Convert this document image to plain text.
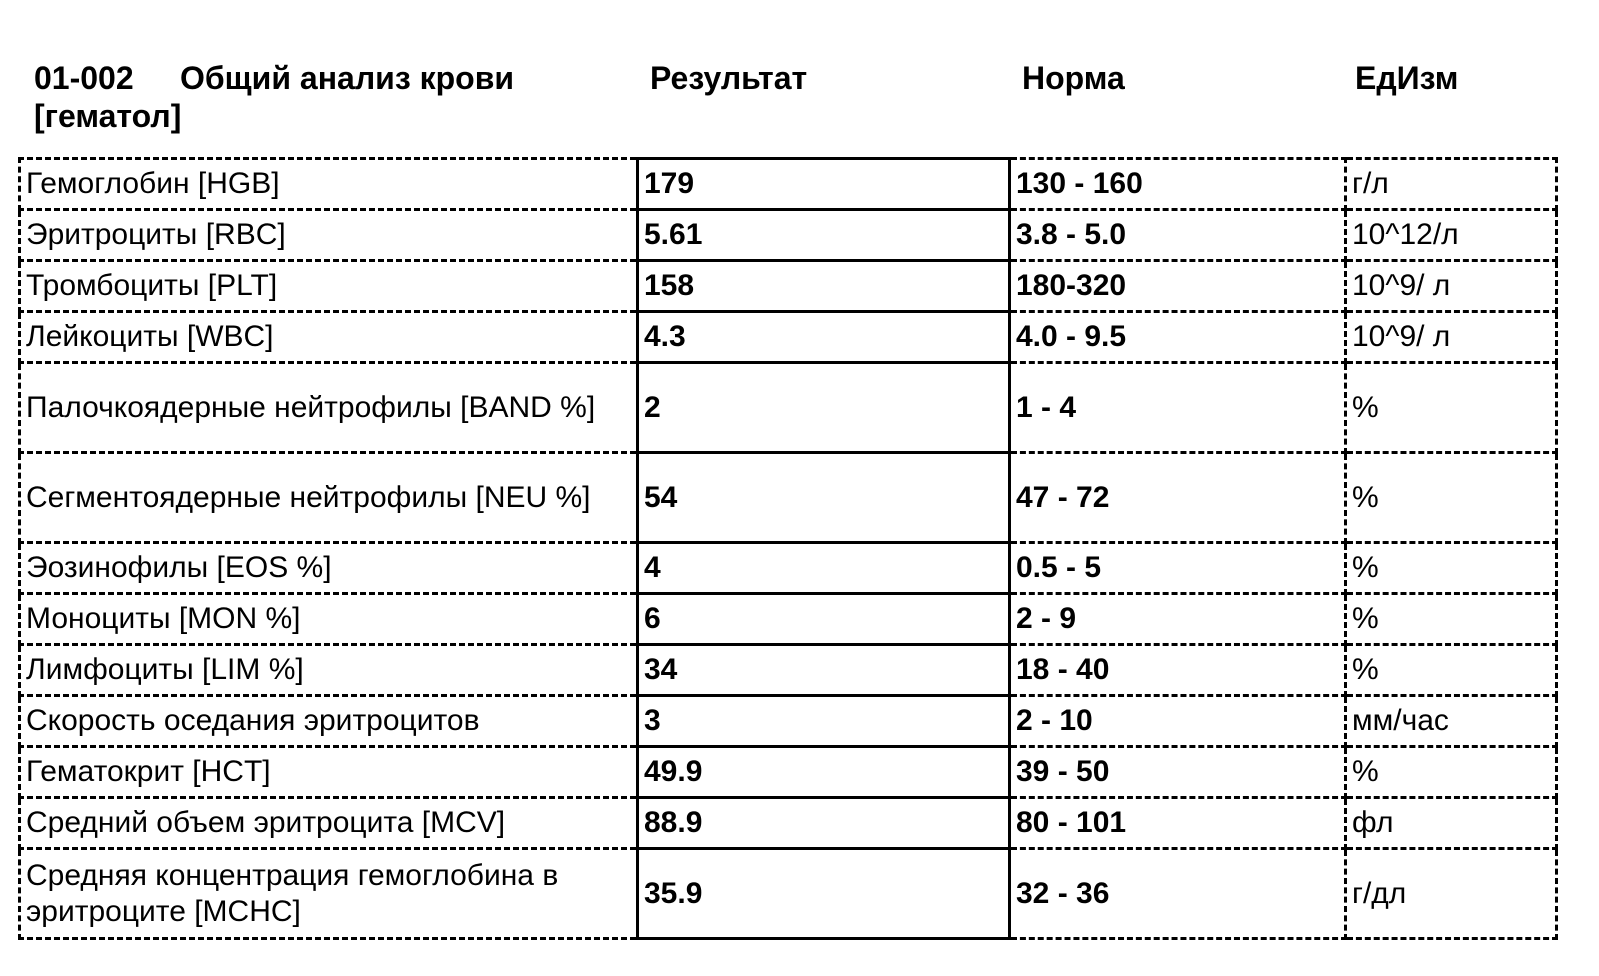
01-002 Общий анализ крови
[гематол]
Результат	Норма	ЕдИзм
Гемоглобин [HGB]	179	130 - 160	г/л
Эритроциты [RBC]	5.61	3.8 - 5.0	10^12/л
Тромбоциты [PLT]	158	180-320	10^9/ л
Лейкоциты [WBC]	4.3	4.0 - 9.5	10^9/ л
Палочкоядерные нейтрофилы [BAND %]	2	1 - 4	%
Сегментоядерные нейтрофилы [NEU %]	54	47 - 72	%
Эозинофилы [EOS %]	4	0.5 - 5	%
Моноциты [MON %]	6	2 - 9	%
Лимфоциты [LIM %]	34	18 - 40	%
Скорость оседания эритроцитов	3	2 - 10	мм/час
Гематокрит [HCT]	49.9	39 - 50	%
Средний объем эритроцита [MCV]	88.9	80 - 101	фл
Средняя концентрация гемоглобина в эритроците [MCHC]	35.9	32 - 36	г/дл
